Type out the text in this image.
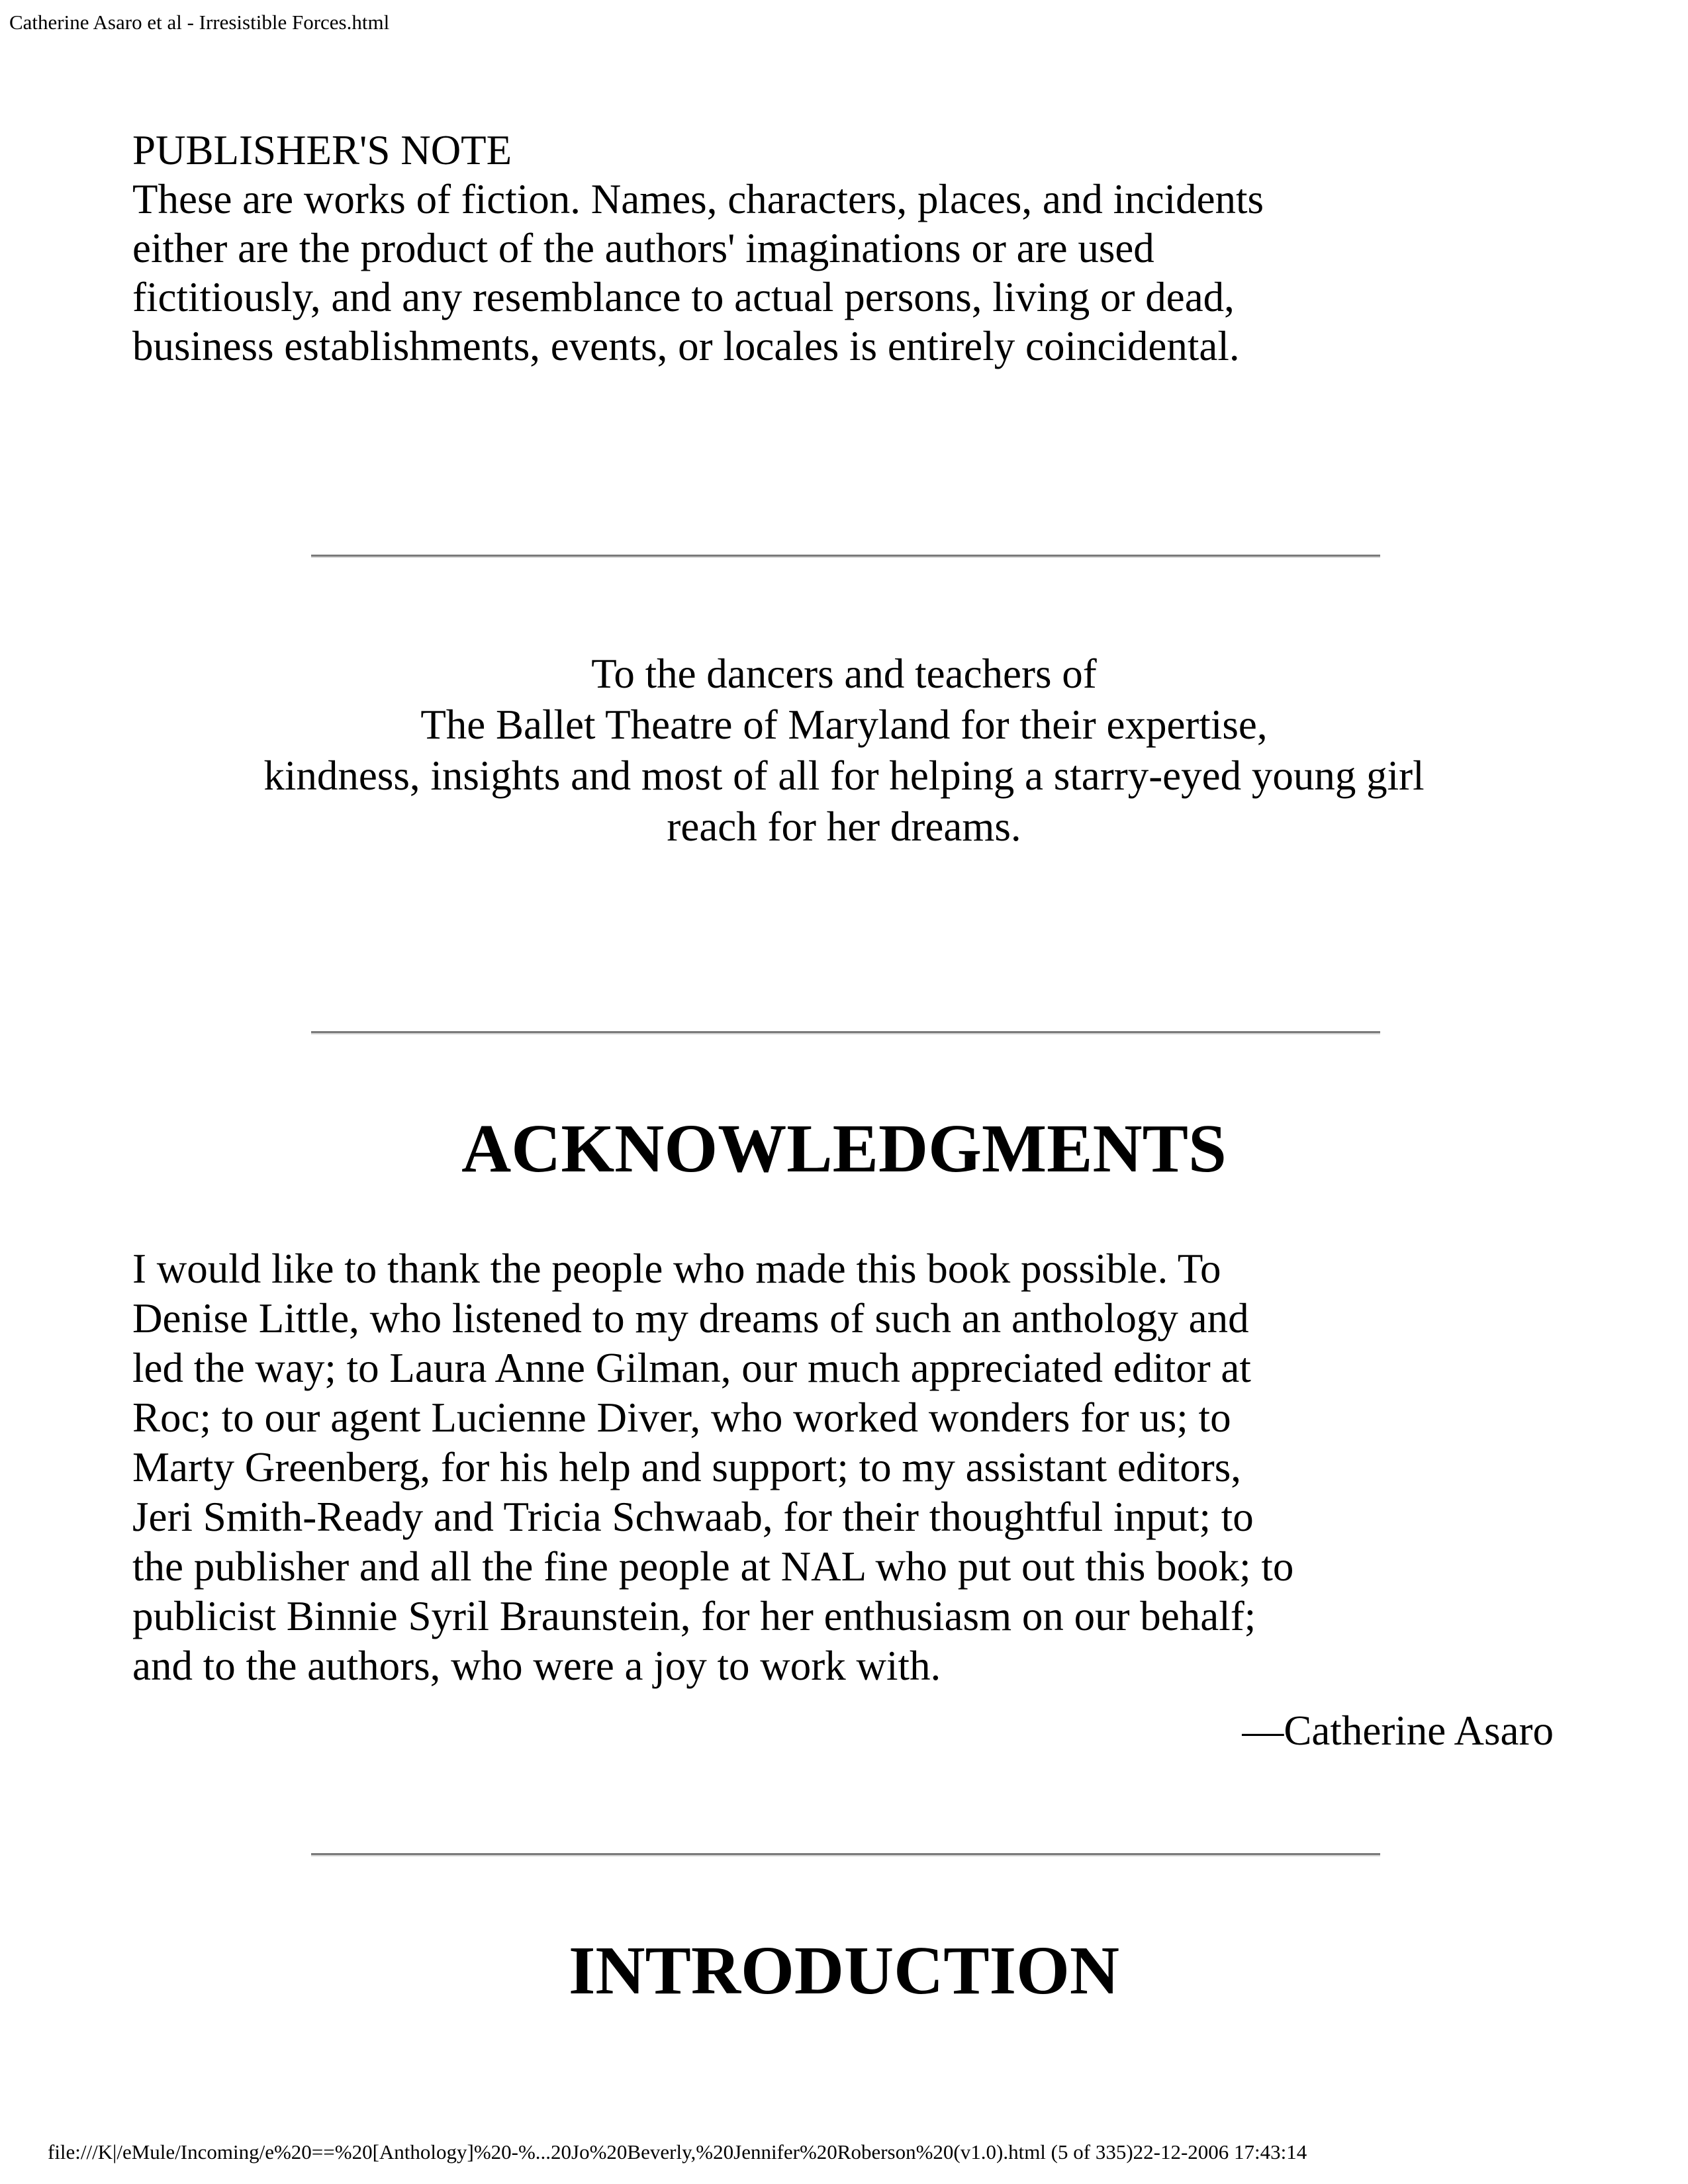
Catherine Asaro et al - Irresistible Forces.html
PUBLISHER'S NOTE

These are works of fiction. Names, characters, places, and incidents
either are the product of the authors' imaginations or are used
fictitiously, and any resemblance to actual persons, living or dead,
business establishments, events, or locales is entirely coincidental.

To the dancers and teachers of
The Ballet Theatre of Maryland for their expertise,
kindness, insights and most of all for helping a starry-eyed young girl
reach for her dreams.

ACKNOWLEDGMENTS

I would like to thank the people who made this book possible. To
Denise Little, who listened to my dreams of such an anthology and
led the way; to Laura Anne Gilman, our much appreciated editor at
Roc; to our agent Lucienne Diver, who worked wonders for us; to
Marty Greenberg, for his help and support; to my assistant editors,
Jeri Smith-Ready and Tricia Schwaab, for their thoughtful input; to
the publisher and all the fine people at NAL who put out this book; to
publicist Binnie Syril Braunstein, for her enthusiasm on our behalf;
and to the authors, who were a joy to work with.

—Catherine Asaro

INTRODUCTION
file:///K|/eMule/Incoming/e%20==%20[Anthology]%20-%...20Jo%20Beverly,%20Jennifer%20Roberson%20(v1.0).html (5 of 335)22-12-2006 17:43:14
